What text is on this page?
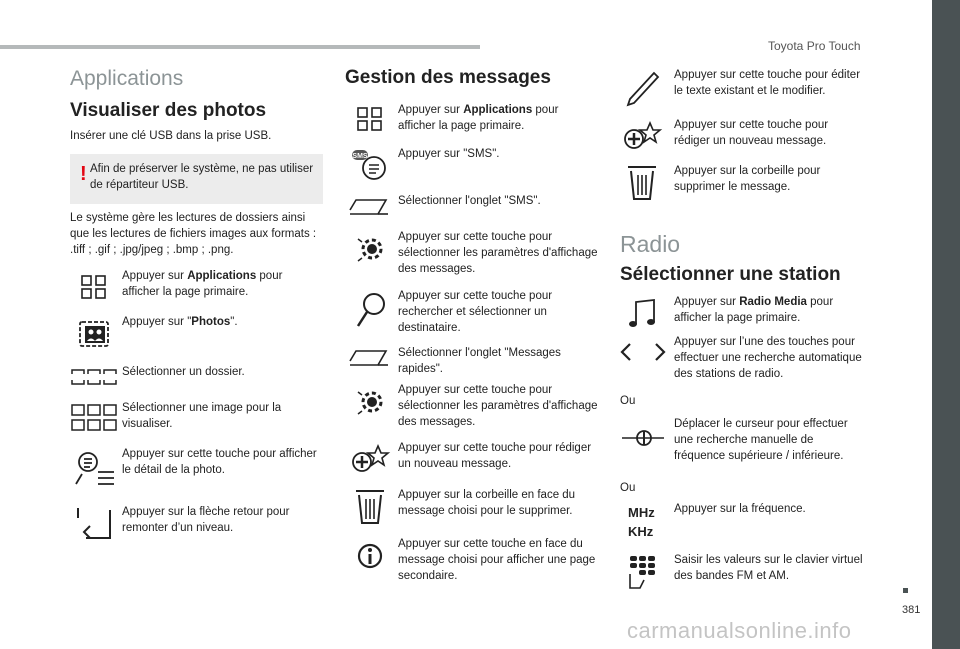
Toyota Pro Touch
381
carmanualsonline.info
Applications
Visualiser des photos

Insérer une clé USB dans la prise USB.

! Afin de préserver le système, ne pas utiliser de répartiteur USB.

Le système gère les lectures de dossiers ainsi que les lectures de fichiers images aux formats : .tiff ; .gif ; .jpg/jpeg ; .bmp ; .png.

Appuyer sur Applications pour afficher la page primaire.
Appuyer sur "Photos".
Sélectionner un dossier.
Sélectionner une image pour la visualiser.
Appuyer sur cette touche pour afficher le détail de la photo.
Appuyer sur la flèche retour pour remonter d’un niveau.
Gestion des messages
Appuyer sur Applications pour afficher la page primaire.
SMS	Appuyer sur "SMS".
Sélectionner l'onglet "SMS".
Appuyer sur cette touche pour sélectionner les paramètres d'affichage des messages.
Appuyer sur cette touche pour rechercher et sélectionner un destinataire.
Sélectionner l'onglet "Messages rapides".
Appuyer sur cette touche pour sélectionner les paramètres d'affichage des messages.
Appuyer sur cette touche pour rédiger un nouveau message.
Appuyer sur la corbeille en face du message choisi pour le supprimer.
Appuyer sur cette touche en face du message choisi pour afficher une page secondaire.
Appuyer sur cette touche pour éditer le texte existant et le modifier.
Appuyer sur cette touche pour rédiger un nouveau message.
Appuyer sur la corbeille pour supprimer le message.
Radio
Sélectionner une station
Appuyer sur Radio Media pour afficher la page primaire.
Appuyer sur l’une des touches pour effectuer une recherche automatique des stations de radio.

Ou

Déplacer le curseur pour effectuer une recherche manuelle de fréquence supérieure / inférieure.

Ou

MHz
KHz
Appuyer sur la fréquence.
Saisir les valeurs sur le clavier virtuel des bandes FM et AM.
